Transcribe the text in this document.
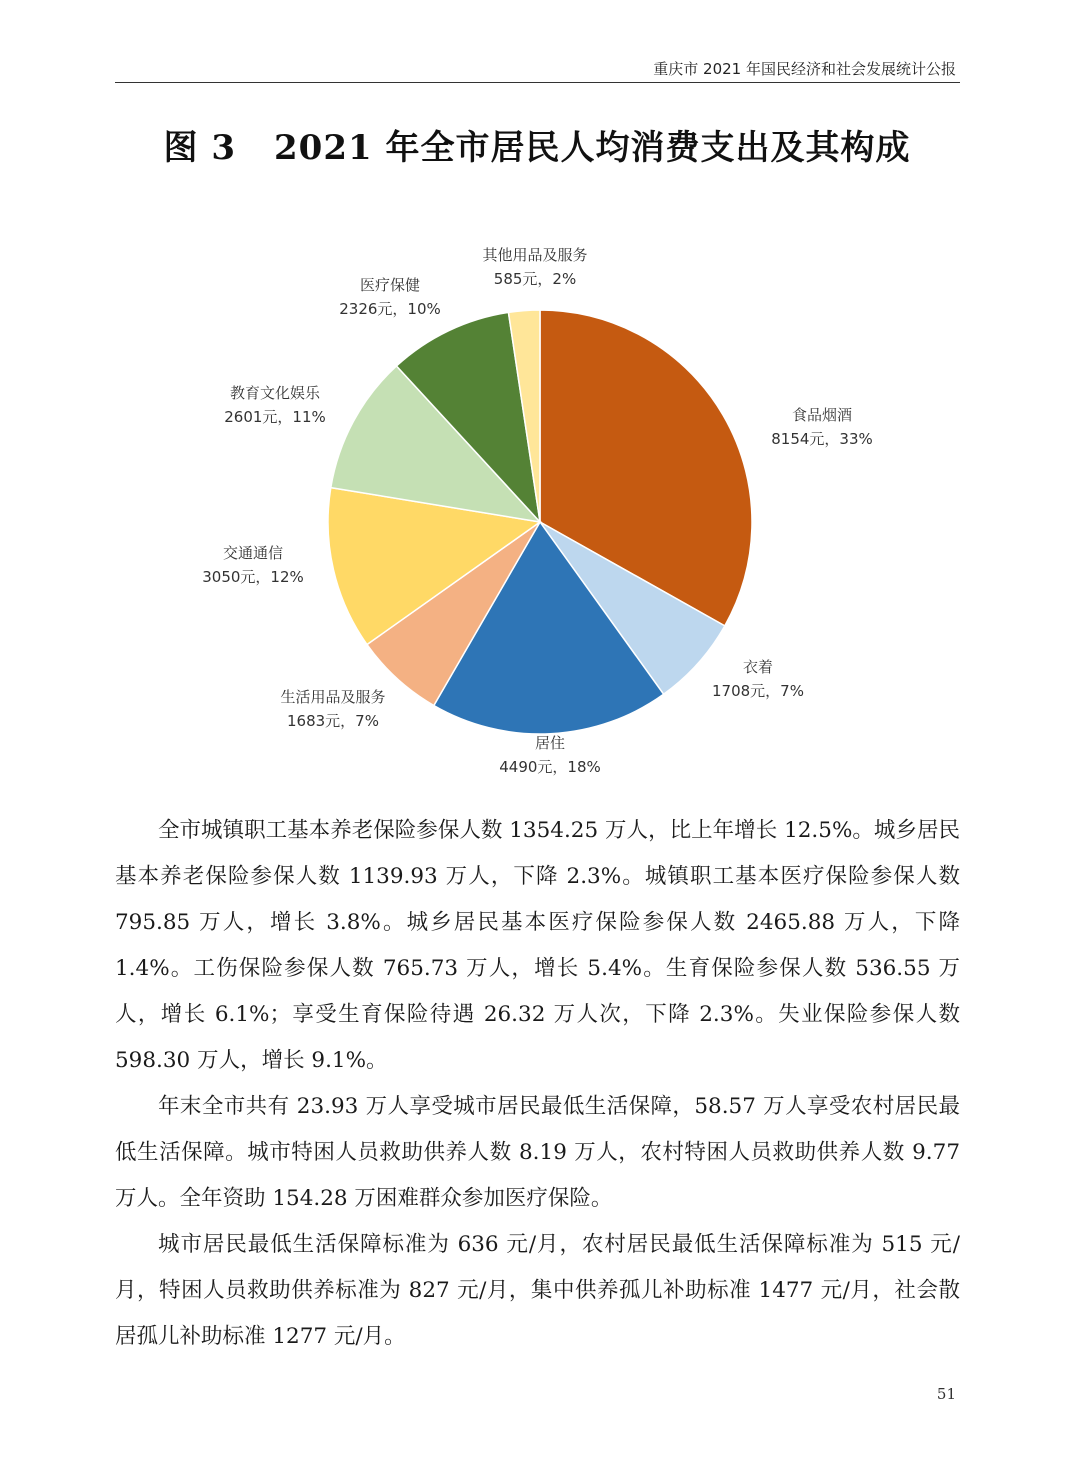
重庆市 2021 年国民经济和社会发展统计公报
图 3 2021 年全市居民人均消费支出及其构成
食品烟酒
8154元，33%
衣着
1708元，7%
居住
4490元，18%
生活用品及服务
1683元，7%
交通通信
3050元，12%
教育文化娱乐
2601元，11%
医疗保健
2326元，10%
其他用品及服务
585元，2%

全市城镇职工基本养老保险参保人数 1354.25 万人，比上年增长 12.5%。城乡居民基本养老保险参保人数 1139.93 万人，下降 2.3%。城镇职工基本医疗保险参保人数 795.85 万人，增长 3.8%。城乡居民基本医疗保险参保人数 2465.88 万人，下降 1.4%。工伤保险参保人数 765.73 万人，增长 5.4%。生育保险参保人数 536.55 万人，增长 6.1%；享受生育保险待遇 26.32 万人次，下降 2.3%。失业保险参保人数 598.30 万人，增长 9.1%。

年末全市共有 23.93 万人享受城市居民最低生活保障，58.57 万人享受农村居民最低生活保障。城市特困人员救助供养人数 8.19 万人，农村特困人员救助供养人数 9.77 万人。全年资助 154.28 万困难群众参加医疗保险。

城市居民最低生活保障标准为 636 元/月，农村居民最低生活保障标准为 515 元/月，特困人员救助供养标准为 827 元/月，集中供养孤儿补助标准 1477 元/月，社会散居孤儿补助标准 1277 元/月。

51
